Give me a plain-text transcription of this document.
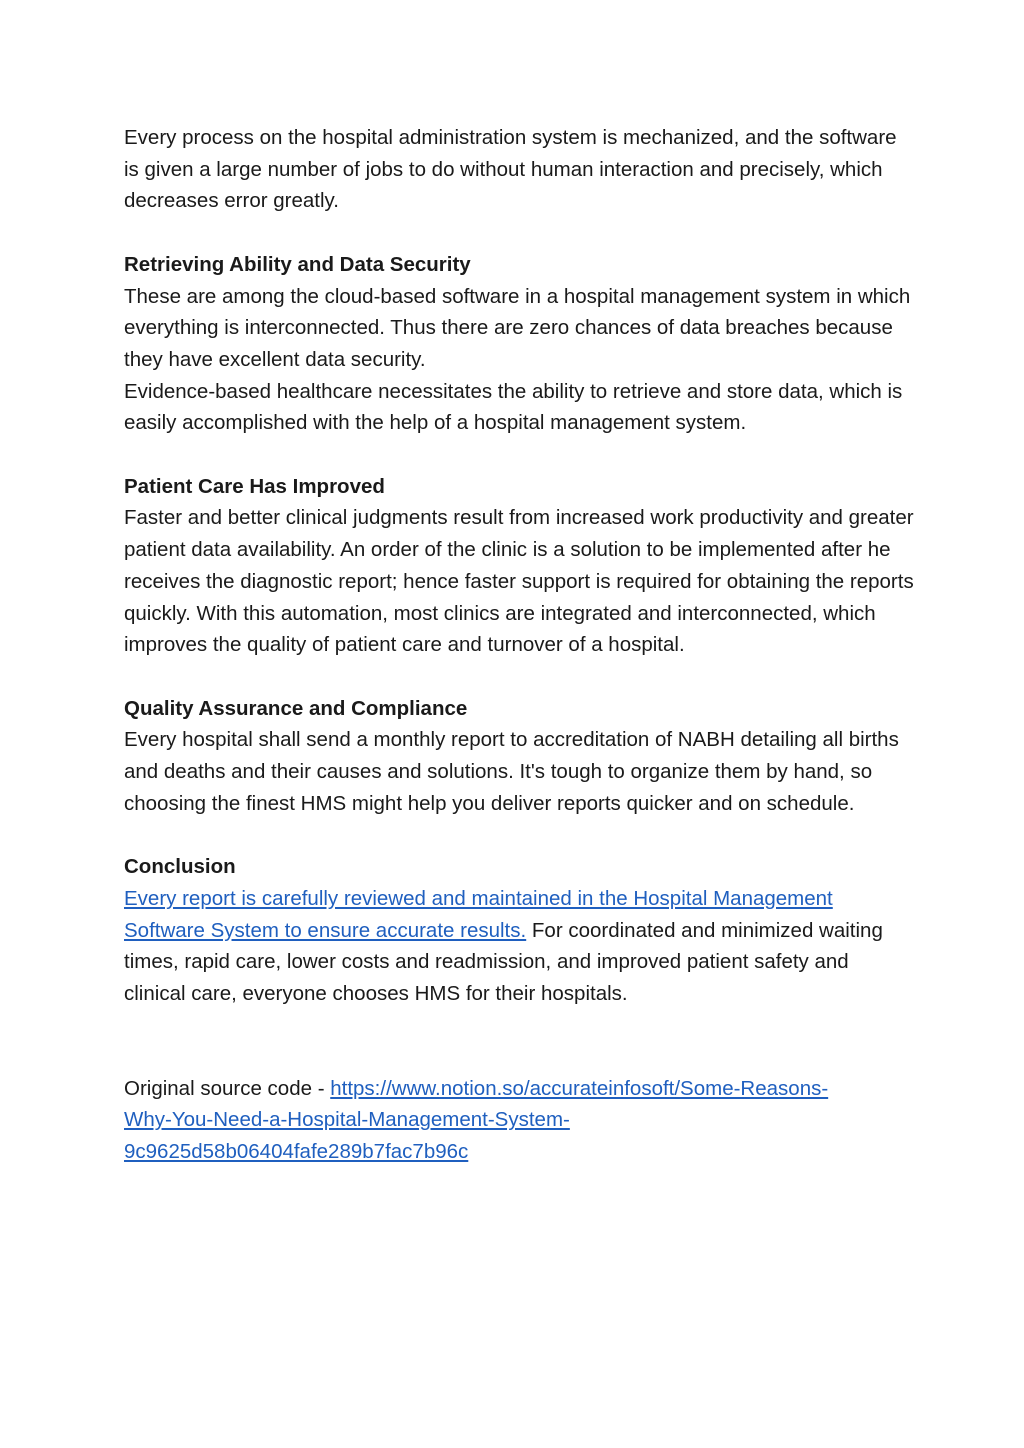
Every process on the hospital administration system is mechanized, and the software is given a large number of jobs to do without human interaction and precisely, which decreases error greatly.

Retrieving Ability and Data Security

These are among the cloud-based software in a hospital management system in which everything is interconnected. Thus there are zero chances of data breaches because they have excellent data security.

Evidence-based healthcare necessitates the ability to retrieve and store data, which is easily accomplished with the help of a hospital management system.

Patient Care Has Improved

Faster and better clinical judgments result from increased work productivity and greater patient data availability. An order of the clinic is a solution to be implemented after he receives the diagnostic report; hence faster support is required for obtaining the reports quickly. With this automation, most clinics are integrated and interconnected, which improves the quality of patient care and turnover of a hospital.

Quality Assurance and Compliance

Every hospital shall send a monthly report to accreditation of NABH detailing all births and deaths and their causes and solutions. It's tough to organize them by hand, so choosing the finest HMS might help you deliver reports quicker and on schedule.

Conclusion

Every report is carefully reviewed and maintained in the Hospital Management Software System to ensure accurate results. For coordinated and minimized waiting times, rapid care, lower costs and readmission, and improved patient safety and clinical care, everyone chooses HMS for their hospitals.

Original source code - https://www.notion.so/accurateinfosoft/Some-Reasons-

Why-You-Need-a-Hospital-Management-System-

9c9625d58b06404fafe289b7fac7b96c
